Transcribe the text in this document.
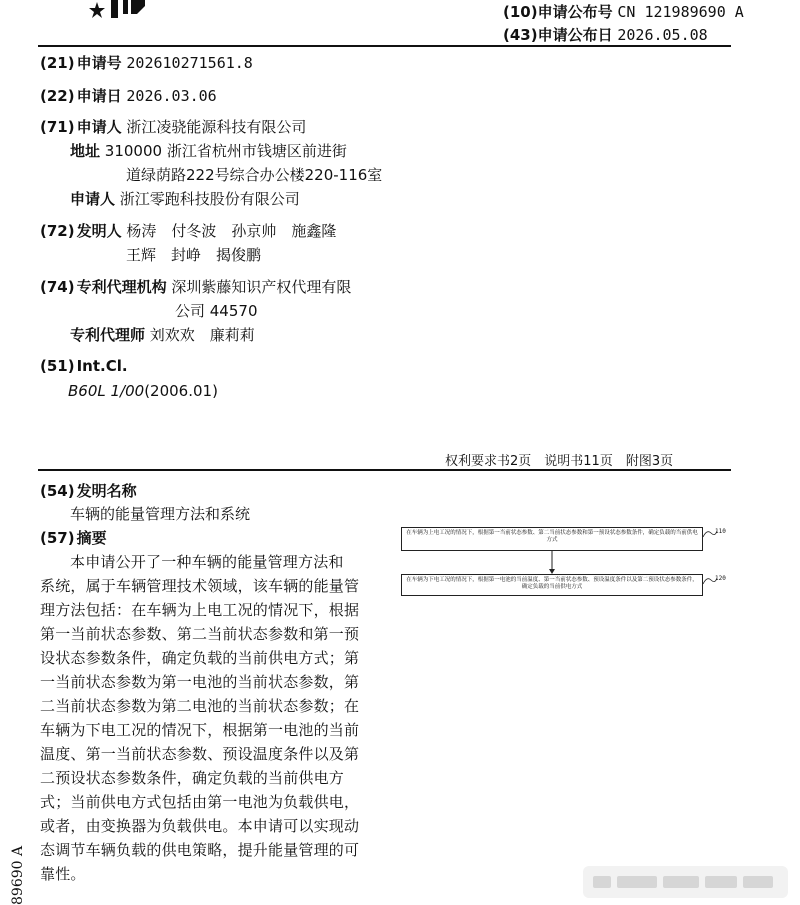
(10)申请公布号 CN 121989690 A
(43)申请公布日 2026.05.08
(21) 申请号 202610271561.8
(22) 申请日 2026.03.06
(71) 申请人 浙江凌骁能源科技有限公司
地址 310000 浙江省杭州市钱塘区前进街
道绿荫路222号综合办公楼220-116室
申请人 浙江零跑科技股份有限公司
(72) 发明人 杨涛　付冬波　孙京帅　施鑫隆
王辉　封峥　揭俊鹏
(74) 专利代理机构 深圳紫藤知识产权代理有限
公司 44570
专利代理师 刘欢欢　廉莉莉
(51) Int.Cl.
B60L 1/00(2006.01)
权利要求书2页　说明书11页　附图3页
(54) 发明名称
车辆的能量管理方法和系统
(57) 摘要
本申请公开了一种车辆的能量管理方法和
系统，属于车辆管理技术领域，该车辆的能量管
理方法包括：在车辆为上电工况的情况下，根据
第一当前状态参数、第二当前状态参数和第一预
设状态参数条件，确定负载的当前供电方式；第
一当前状态参数为第一电池的当前状态参数，第
二当前状态参数为第二电池的当前状态参数；在
车辆为下电工况的情况下，根据第一电池的当前
温度、第一当前状态参数、预设温度条件以及第
二预设状态参数条件，确定负载的当前供电方
式；当前供电方式包括由第一电池为负载供电，
或者，由变换器为负载供电。本申请可以实现动
态调节车辆负载的供电策略，提升能量管理的可
靠性。
在车辆为上电工况的情况下，根据第一当前状态参数、第二当前状态参数和第一预设状态参数条件，确定负载的当前供电方式
110
在车辆为下电工况的情况下，根据第一电池的当前温度、第一当前状态参数、预设温度条件以及第二预设状态参数条件，确定负载的当前供电方式
120
89690 A
